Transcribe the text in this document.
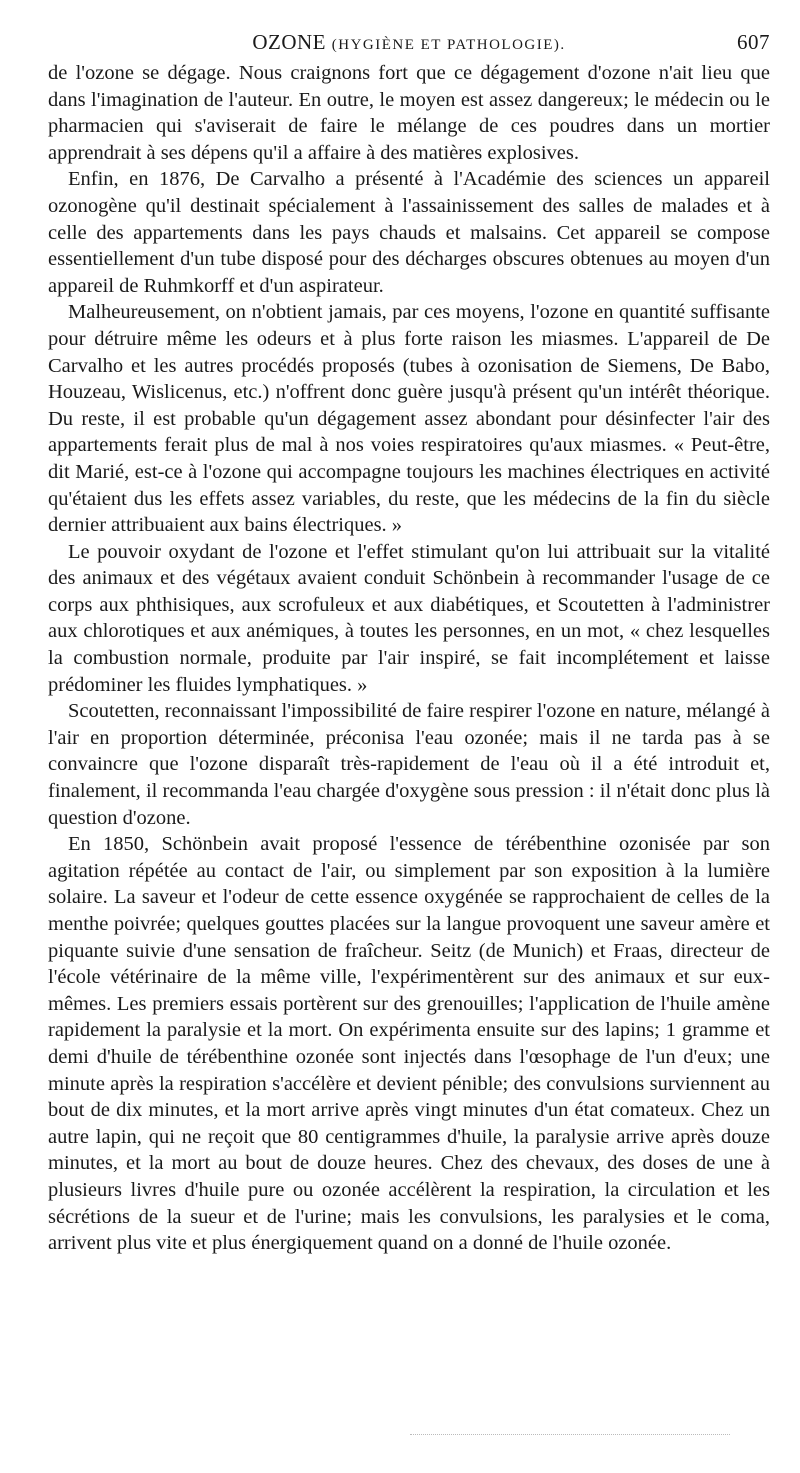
OZONE (HYGIÈNE ET PATHOLOGIE).	607

de l'ozone se dégage. Nous craignons fort que ce dégagement d'ozone n'ait lieu que dans l'imagination de l'auteur. En outre, le moyen est assez dangereux; le médecin ou le pharmacien qui s'aviserait de faire le mélange de ces poudres dans un mortier apprendrait à ses dépens qu'il a affaire à des matières explosives.

Enfin, en 1876, De Carvalho a présenté à l'Académie des sciences un appareil ozonogène qu'il destinait spécialement à l'assainissement des salles de malades et à celle des appartements dans les pays chauds et malsains. Cet appareil se compose essentiellement d'un tube disposé pour des décharges obscures obtenues au moyen d'un appareil de Ruhmkorff et d'un aspirateur.

Malheureusement, on n'obtient jamais, par ces moyens, l'ozone en quantité suffisante pour détruire même les odeurs et à plus forte raison les miasmes. L'appareil de De Carvalho et les autres procédés proposés (tubes à ozonisation de Siemens, De Babo, Houzeau, Wislicenus, etc.) n'offrent donc guère jusqu'à présent qu'un intérêt théorique. Du reste, il est probable qu'un dégagement assez abondant pour désinfecter l'air des appartements ferait plus de mal à nos voies respiratoires qu'aux miasmes. « Peut-être, dit Marié, est-ce à l'ozone qui accompagne toujours les machines électriques en activité qu'étaient dus les effets assez variables, du reste, que les médecins de la fin du siècle dernier attribuaient aux bains électriques. »

Le pouvoir oxydant de l'ozone et l'effet stimulant qu'on lui attribuait sur la vitalité des animaux et des végétaux avaient conduit Schönbein à recommander l'usage de ce corps aux phthisiques, aux scrofuleux et aux diabétiques, et Scoutetten à l'administrer aux chlorotiques et aux anémiques, à toutes les personnes, en un mot, « chez lesquelles la combustion normale, produite par l'air inspiré, se fait incomplétement et laisse prédominer les fluides lymphatiques. »

Scoutetten, reconnaissant l'impossibilité de faire respirer l'ozone en nature, mélangé à l'air en proportion déterminée, préconisa l'eau ozonée; mais il ne tarda pas à se convaincre que l'ozone disparaît très-rapidement de l'eau où il a été introduit et, finalement, il recommanda l'eau chargée d'oxygène sous pression : il n'était donc plus là question d'ozone.

En 1850, Schönbein avait proposé l'essence de térébenthine ozonisée par son agitation répétée au contact de l'air, ou simplement par son exposition à la lumière solaire. La saveur et l'odeur de cette essence oxygénée se rapprochaient de celles de la menthe poivrée; quelques gouttes placées sur la langue provoquent une saveur amère et piquante suivie d'une sensation de fraîcheur. Seitz (de Munich) et Fraas, directeur de l'école vétérinaire de la même ville, l'expérimentèrent sur des animaux et sur eux-mêmes. Les premiers essais portèrent sur des grenouilles; l'application de l'huile amène rapidement la paralysie et la mort. On expérimenta ensuite sur des lapins; 1 gramme et demi d'huile de térébenthine ozonée sont injectés dans l'œsophage de l'un d'eux; une minute après la respiration s'accélère et devient pénible; des convulsions surviennent au bout de dix minutes, et la mort arrive après vingt minutes d'un état comateux. Chez un autre lapin, qui ne reçoit que 80 centigrammes d'huile, la paralysie arrive après douze minutes, et la mort au bout de douze heures. Chez des chevaux, des doses de une à plusieurs livres d'huile pure ou ozonée accélèrent la respiration, la circulation et les sécrétions de la sueur et de l'urine; mais les convulsions, les paralysies et le coma, arrivent plus vite et plus énergiquement quand on a donné de l'huile ozonée.
